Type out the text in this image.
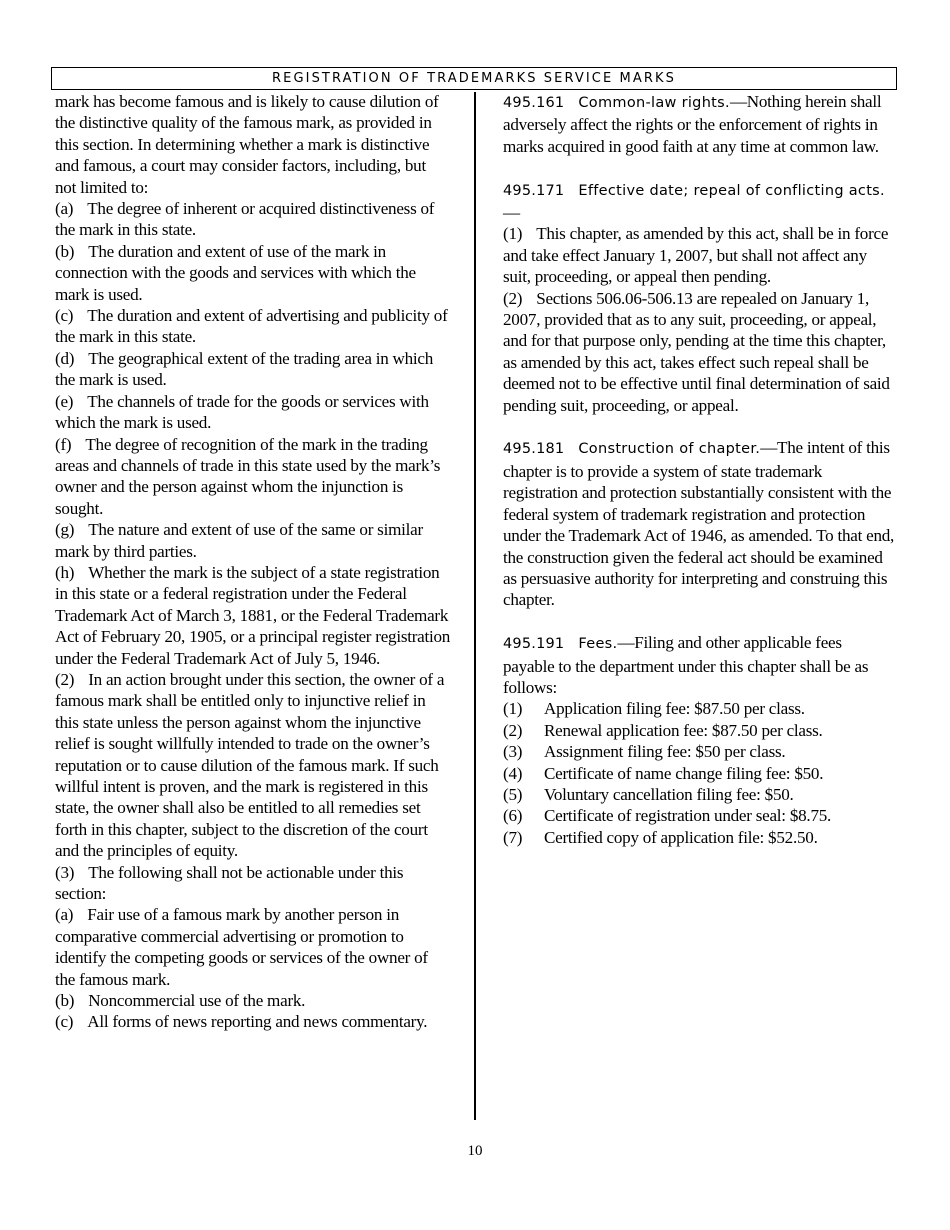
REGISTRATION OF TRADEMARKS SERVICE MARKS

mark has become famous and is likely to cause dilution of the distinctive quality of the famous mark, as provided in this section. In determining whether a mark is distinctive and famous, a court may consider factors, including, but not limited to:

(a) The degree of inherent or acquired distinctiveness of the mark in this state.

(b) The duration and extent of use of the mark in connection with the goods and services with which the mark is used.

(c) The duration and extent of advertising and publicity of the mark in this state.

(d) The geographical extent of the trading area in which the mark is used.

(e) The channels of trade for the goods or services with which the mark is used.

(f) The degree of recognition of the mark in the trading areas and channels of trade in this state used by the mark’s owner and the person against whom the injunction is sought.

(g) The nature and extent of use of the same or similar mark by third parties.

(h) Whether the mark is the subject of a state registration in this state or a federal registration under the Federal Trademark Act of March 3, 1881, or the Federal Trademark Act of February 20, 1905, or a principal register registration under the Federal Trademark Act of July 5, 1946.

(2) In an action brought under this section, the owner of a famous mark shall be entitled only to injunctive relief in this state unless the person against whom the injunctive relief is sought willfully intended to trade on the owner’s reputation or to cause dilution of the famous mark. If such willful intent is proven, and the mark is registered in this state, the owner shall also be entitled to all remedies set forth in this chapter, subject to the discretion of the court and the principles of equity.

(3) The following shall not be actionable under this section:

(a) Fair use of a famous mark by another person in comparative commercial advertising or promotion to identify the competing goods or services of the owner of the famous mark.

(b) Noncommercial use of the mark.

(c) All forms of news reporting and news commentary.

495.161 Common-law rights.—Nothing herein shall adversely affect the rights or the enforcement of rights in marks acquired in good faith at any time at common law.

495.171 Effective date; repeal of conflicting acts.—

(1) This chapter, as amended by this act, shall be in force and take effect January 1, 2007, but shall not affect any suit, proceeding, or appeal then pending.

(2) Sections 506.06-506.13 are repealed on January 1, 2007, provided that as to any suit, proceeding, or appeal, and for that purpose only, pending at the time this chapter, as amended by this act, takes effect such repeal shall be deemed not to be effective until final determination of said pending suit, proceeding, or appeal.

495.181 Construction of chapter.—The intent of this chapter is to provide a system of state trademark registration and protection substantially consistent with the federal system of trademark registration and protection under the Trademark Act of 1946, as amended. To that end, the construction given the federal act should be examined as persuasive authority for interpreting and construing this chapter.

495.191 Fees.—Filing and other applicable fees payable to the department under this chapter shall be as follows:

(1)	Application filing fee: $87.50 per class.
(2)	Renewal application fee: $87.50 per class.
(3)	Assignment filing fee: $50 per class.
(4)	Certificate of name change filing fee: $50.
(5)	Voluntary cancellation filing fee: $50.
(6)	Certificate of registration under seal: $8.75.
(7)	Certified copy of application file: $52.50.
10
